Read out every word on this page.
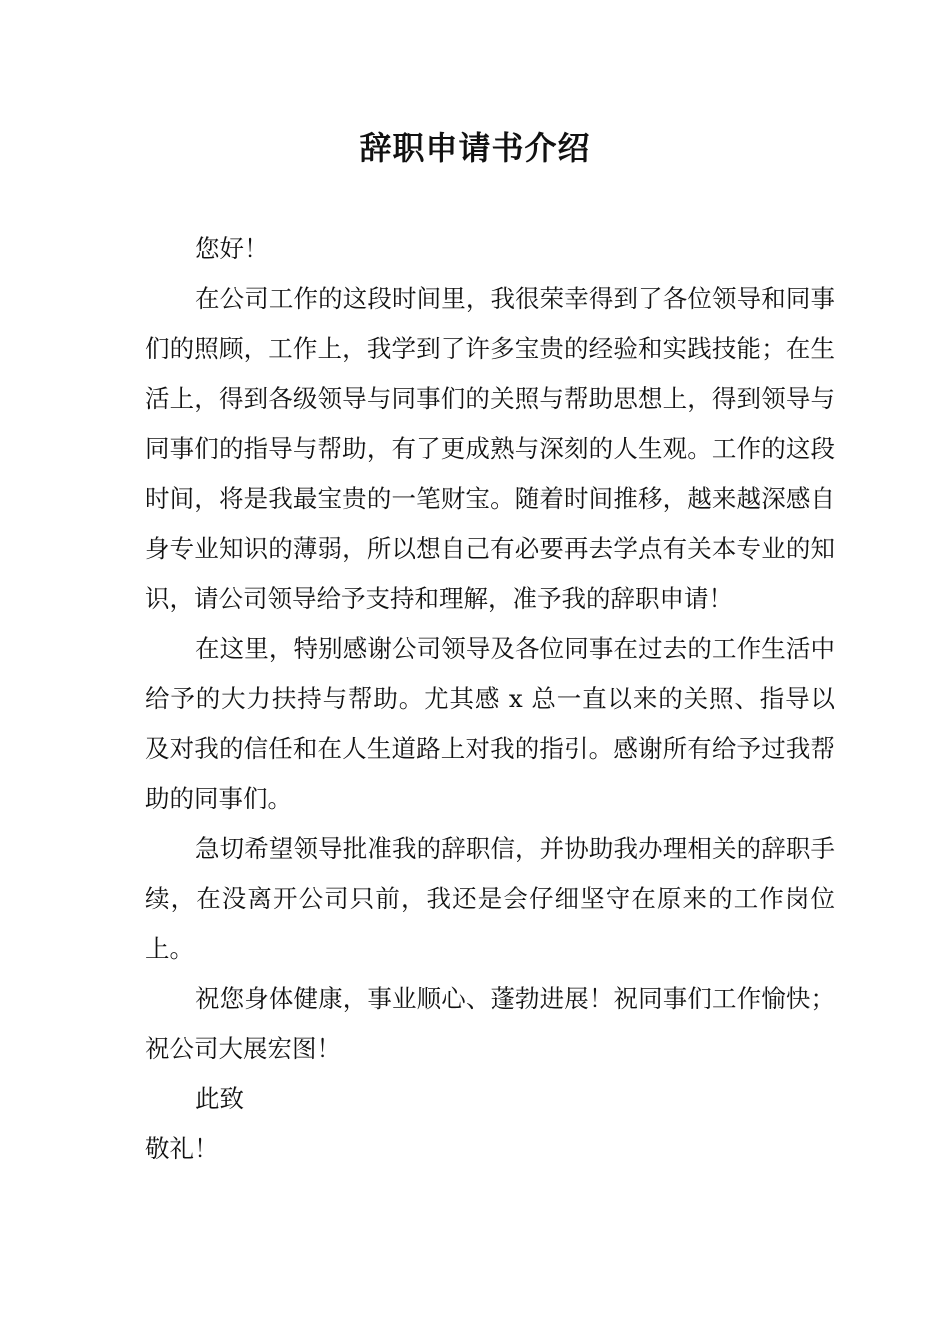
辞职申请书介绍

您好！

在公司工作的这段时间里，我很荣幸得到了各位领导和同事们的照顾，工作上，我学到了许多宝贵的经验和实践技能；在生活上，得到各级领导与同事们的关照与帮助思想上，得到领导与同事们的指导与帮助，有了更成熟与深刻的人生观。工作的这段时间，将是我最宝贵的一笔财宝。随着时间推移，越来越深感自身专业知识的薄弱，所以想自己有必要再去学点有关本专业的知识，请公司领导给予支持和理解，准予我的辞职申请！

在这里，特别感谢公司领导及各位同事在过去的工作生活中给予的大力扶持与帮助。尤其感 x 总一直以来的关照、指导以及对我的信任和在人生道路上对我的指引。感谢所有给予过我帮助的同事们。

急切希望领导批准我的辞职信，并协助我办理相关的辞职手续，在没离开公司只前，我还是会仔细坚守在原来的工作岗位上。

祝您身体健康，事业顺心、蓬勃进展！祝同事们工作愉快；祝公司大展宏图！

此致

敬礼！
